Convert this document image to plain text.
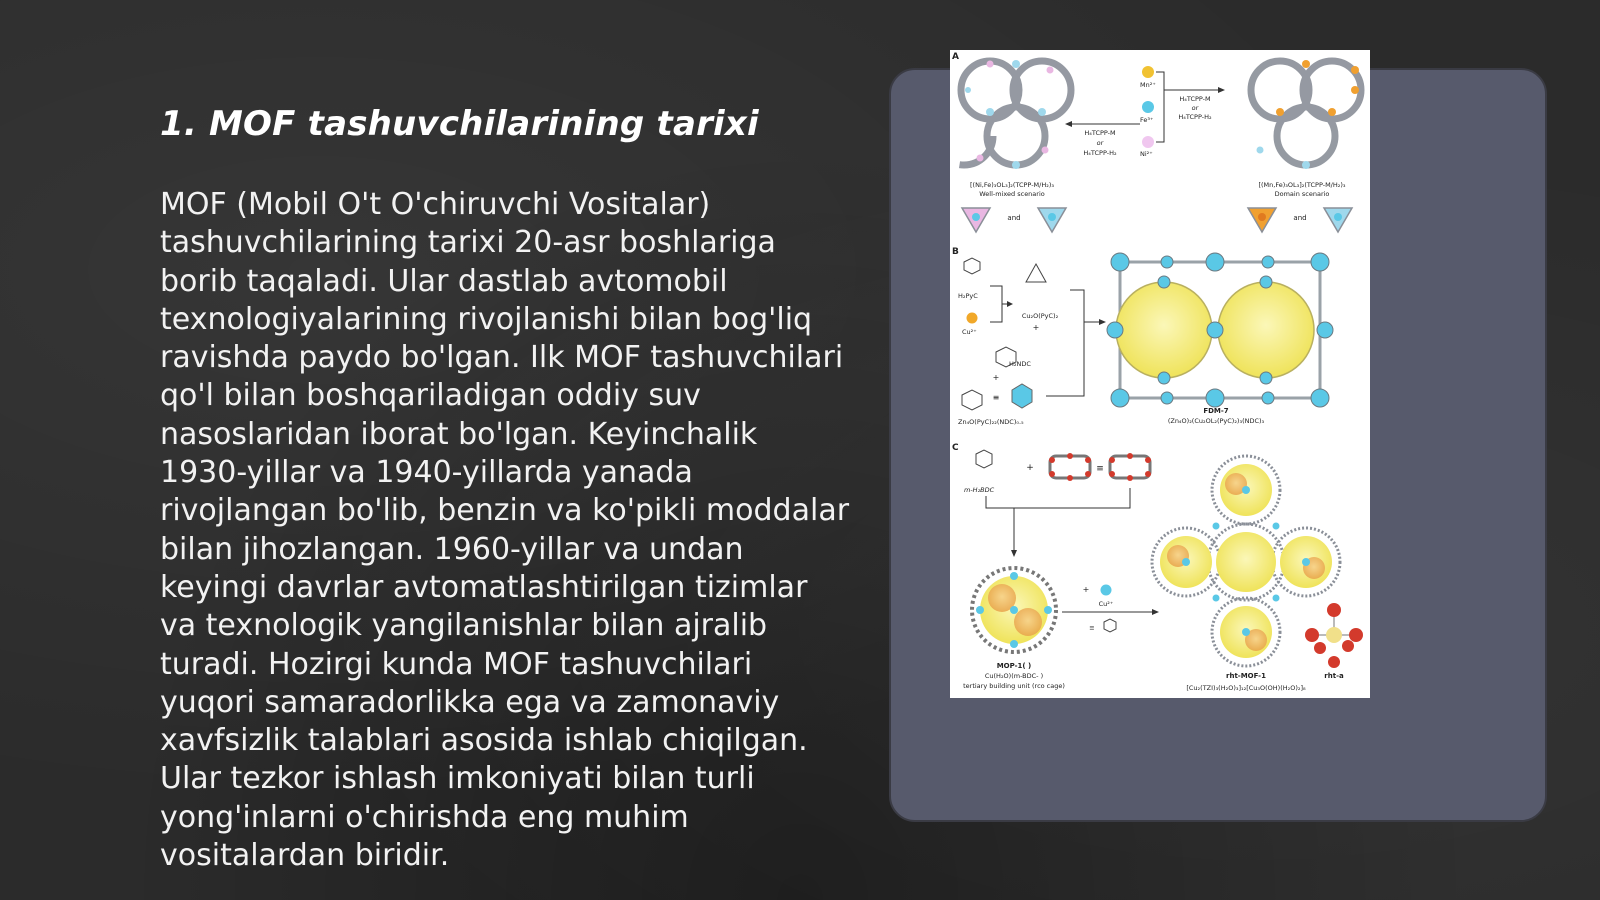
1. MOF tashuvchilarining tarixi

MOF (Mobil O't O'chiruvchi Vositalar) tashuvchilarining tarixi 20-asr boshlariga borib taqaladi. Ular dastlab avtomobil texnologiyalarining rivojlanishi bilan bog'liq ravishda paydo bo'lgan. Ilk MOF tashuvchilari qo'l bilan boshqariladigan oddiy suv nasoslaridan iborat bo'lgan. Keyinchalik 1930-yillar va 1940-yillarda yanada rivojlangan bo'lib, benzin va ko'pikli moddalar bilan jihozlangan. 1960-yillar va undan keyingi davrlar avtomatlashtirilgan tizimlar va texnologik yangilanishlar bilan ajralib turadi. Hozirgi kunda MOF tashuvchilari yuqori samaradorlikka ega va zamonaviy xavfsizlik talablari asosida ishlab chiqilgan. Ular tezkor ishlash imkoniyati bilan turli yong'inlarni o'chirishda eng muhim vositalardan biridir.

A
[(Ni,Fe)₃OL₃]₂(TCPP-M/H₂)₃
Well-mixed scenario
Mn²⁺
Fe³⁺
Ni²⁺
H₄TCPP-M
or
H₄TCPP-H₂
H₄TCPP-M
or
H₄TCPP-H₂
[(Mn,Fe)₃OL₃]₂(TCPP-M/H₂)₃
Domain scenario
and	and
B
H₂PyC
Cu²⁺
Cu₂O(PyC)₂
+
H₂NDC
+
≡
Zn₄O(PyC)₂₂(NDC)₀.₅
FDM-7
(Zn₄O)₂(Cu₂OL₂(PyC)₂)₃(NDC)₃
C
m-H₂BDC
+	≡
MOP-1( )
Cu(H₂O)(m-BDC- )
tertiary building unit (rco cage)
+
Cu²⁺
≡
rht-MOF-1
[Cu₂(TZI)₃(H₂O)₃]₁₂[Cu₃O(OH)(H₂O)₂]₈
rht-a
